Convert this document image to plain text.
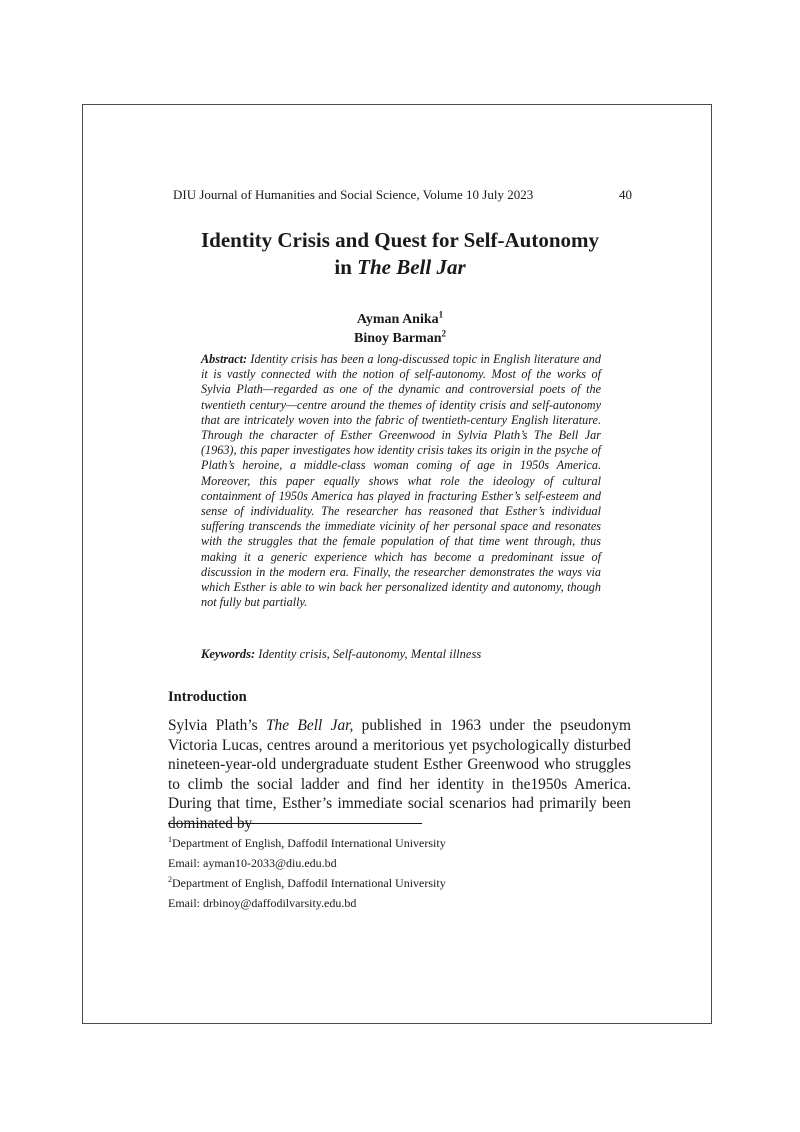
DIU Journal of Humanities and Social Science, Volume 10 July 2023	40
Identity Crisis and Quest for Self-Autonomy
in The Bell Jar
Ayman Anika$^1$
Binoy Barman$^2$
Abstract: Identity crisis has been a long-discussed topic in English literature and it is vastly connected with the notion of self-autonomy. Most of the works of Sylvia Plath—regarded as one of the dynamic and controversial poets of the twentieth century—centre around the themes of identity crisis and self-autonomy that are intricately woven into the fabric of twentieth-century English literature. Through the character of Esther Greenwood in Sylvia Plath’s The Bell Jar (1963), this paper investigates how identity crisis takes its origin in the psyche of Plath’s heroine, a middle-class woman coming of age in 1950s America. Moreover, this paper equally shows what role the ideology of cultural containment of 1950s America has played in fracturing Esther’s self-esteem and sense of individuality. The researcher has reasoned that Esther’s individual suffering transcends the immediate vicinity of her personal space and resonates with the struggles that the female population of that time went through, thus making it a generic experience which has become a predominant issue of discussion in the modern era. Finally, the researcher demonstrates the ways via which Esther is able to win back her personalized identity and autonomy, though not fully but partially.
Keywords: Identity crisis, Self-autonomy, Mental illness
Introduction
Sylvia Plath’s The Bell Jar, published in 1963 under the pseudonym Victoria Lucas, centres around a meritorious yet psychologically disturbed nineteen-year-old undergraduate student Esther Greenwood who struggles to climb the social ladder and find her identity in the1950s America. During that time, Esther’s immediate social scenarios had primarily been dominated by
$^1$Department of English, Daffodil International University
Email: ayman10-2033@diu.edu.bd
$^2$Department of English, Daffodil International University
Email: drbinoy@daffodilvarsity.edu.bd
